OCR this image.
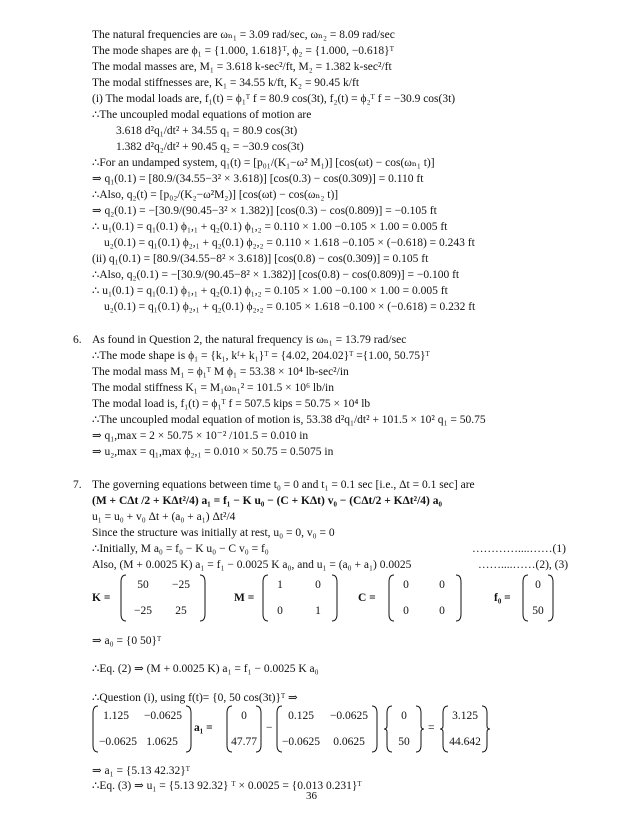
The natural frequencies are ωₙ₁ = 3.09 rad/sec, ωₙ₂ = 8.09 rad/sec
The mode shapes are ϕ₁ = {1.000, 1.618}ᵀ, ϕ₂ = {1.000, −0.618}ᵀ
The modal masses are, M₁ = 3.618 k-sec²/ft, M₂ = 1.382 k-sec²/ft
The modal stiffnesses are, K₁ = 34.55 k/ft, K₂ = 90.45 k/ft
(i) The modal loads are, f₁(t) = ϕ₁ᵀ f = 80.9 cos(3t), f₂(t) = ϕ₂ᵀ f = −30.9 cos(3t)
∴The uncoupled modal equations of motion are
3.618 d²q₁/dt² + 34.55 q₁ = 80.9 cos(3t)
1.382 d²q₂/dt² + 90.45 q₂ = −30.9 cos(3t)
∴For an undamped system, q₁(t) = [p₀₁/(K₁−ω² M₁)] [cos(ωt) − cos(ωₙ₁ t)]
⇒ q₁(0.1) = [80.9/(34.55−3² × 3.618)] [cos(0.3) − cos(0.309)] = 0.110 ft
∴Also, q₂(t) = [p₀₂/(K₂−ω²M₂)] [cos(ωt) − cos(ωₙ₂ t)]
⇒ q₂(0.1) = −[30.9/(90.45−3² × 1.382)] [cos(0.3) − cos(0.809)] = −0.105 ft
∴ u₁(0.1) = q₁(0.1) ϕ₁,₁ + q₂(0.1) ϕ₁,₂ = 0.110 × 1.00 −0.105 × 1.00 = 0.005 ft
u₂(0.1) = q₁(0.1) ϕ₂,₁ + q₂(0.1) ϕ₂,₂ = 0.110 × 1.618 −0.105 × (−0.618) = 0.243 ft
(ii) q₁(0.1) = [80.9/(34.55−8² × 3.618)] [cos(0.8) − cos(0.309)] = 0.105 ft
∴Also, q₂(0.1) = −[30.9/(90.45−8² × 1.382)] [cos(0.8) − cos(0.809)] = −0.100 ft
∴ u₁(0.1) = q₁(0.1) ϕ₁,₁ + q₂(0.1) ϕ₁,₂ = 0.105 × 1.00 −0.100 × 1.00 = 0.005 ft
u₂(0.1) = q₁(0.1) ϕ₂,₁ + q₂(0.1) ϕ₂,₂ = 0.105 × 1.618 −0.100 × (−0.618) = 0.232 ft
6. As found in Question 2, the natural frequency is ωₙ₁ = 13.79 rad/sec
∴The mode shape is ϕ₁ = {k₁, kᶠ+ k₁}ᵀ = {4.02, 204.02}ᵀ ={1.00, 50.75}ᵀ
The modal mass M₁ = ϕ₁ᵀ M ϕ₁ = 53.38 × 10⁴ lb-sec²/in
The modal stiffness K₁ = M₁ωₙ₁² = 101.5 × 10⁶ lb/in
The modal load is, f₁(t) = ϕ₁ᵀ f = 507.5 kips = 50.75 × 10⁴ lb
∴The uncoupled modal equation of motion is, 53.38 d²q₁/dt² + 101.5 × 10² q₁ = 50.75
⇒ q₁,max = 2 × 50.75 × 10⁻² /101.5 = 0.010 in
⇒ u₂,max = q₁,max ϕ₂,₁ = 0.010 × 50.75 = 0.5075 in
7. The governing equations between time t₀ = 0 and t₁ = 0.1 sec [i.e., Δt = 0.1 sec] are
(M + CΔt /2 + KΔt²/4) a₁ = f₁ − K u₀ − (C + KΔt) v₀ − (CΔt/2 + KΔt²/4) a₀
u₁ = u₀ + v₀ Δt + (a₀ + a₁) Δt²/4
Since the structure was initially at rest, u₀ = 0, v₀ = 0
∴Initially, M a₀ = f₀ − K u₀ − C v₀ = f₀	…………....……(1)
Also, (M + 0.0025 K) a₁ = f₁ − 0.0025 K a₀, and u₁ = (a₀ + a₁) 0.0025	……....……(2), (3)
K =
50	−25
−25	25
M =
1	0
0	1
C =
0	0
0	0
f₀ =
0
50
⇒ a₀ = {0 50}ᵀ
∴Eq. (2) ⇒ (M + 0.0025 K) a₁ = f₁ − 0.0025 K a₀
∴Question (i), using f(t)= {0, 50 cos(3t)}ᵀ ⇒
1.125	−0.0625
−0.0625 1.0625
a₁ =
0
47.77
−
0.125	−0.0625
−0.0625	0.0625
0
50
=
3.125
44.642
⇒ a₁ = {5.13 42.32}ᵀ
∴Eq. (3) ⇒ u₁ = {5.13 92.32} ᵀ × 0.0025 = {0.013 0.231}ᵀ
36
